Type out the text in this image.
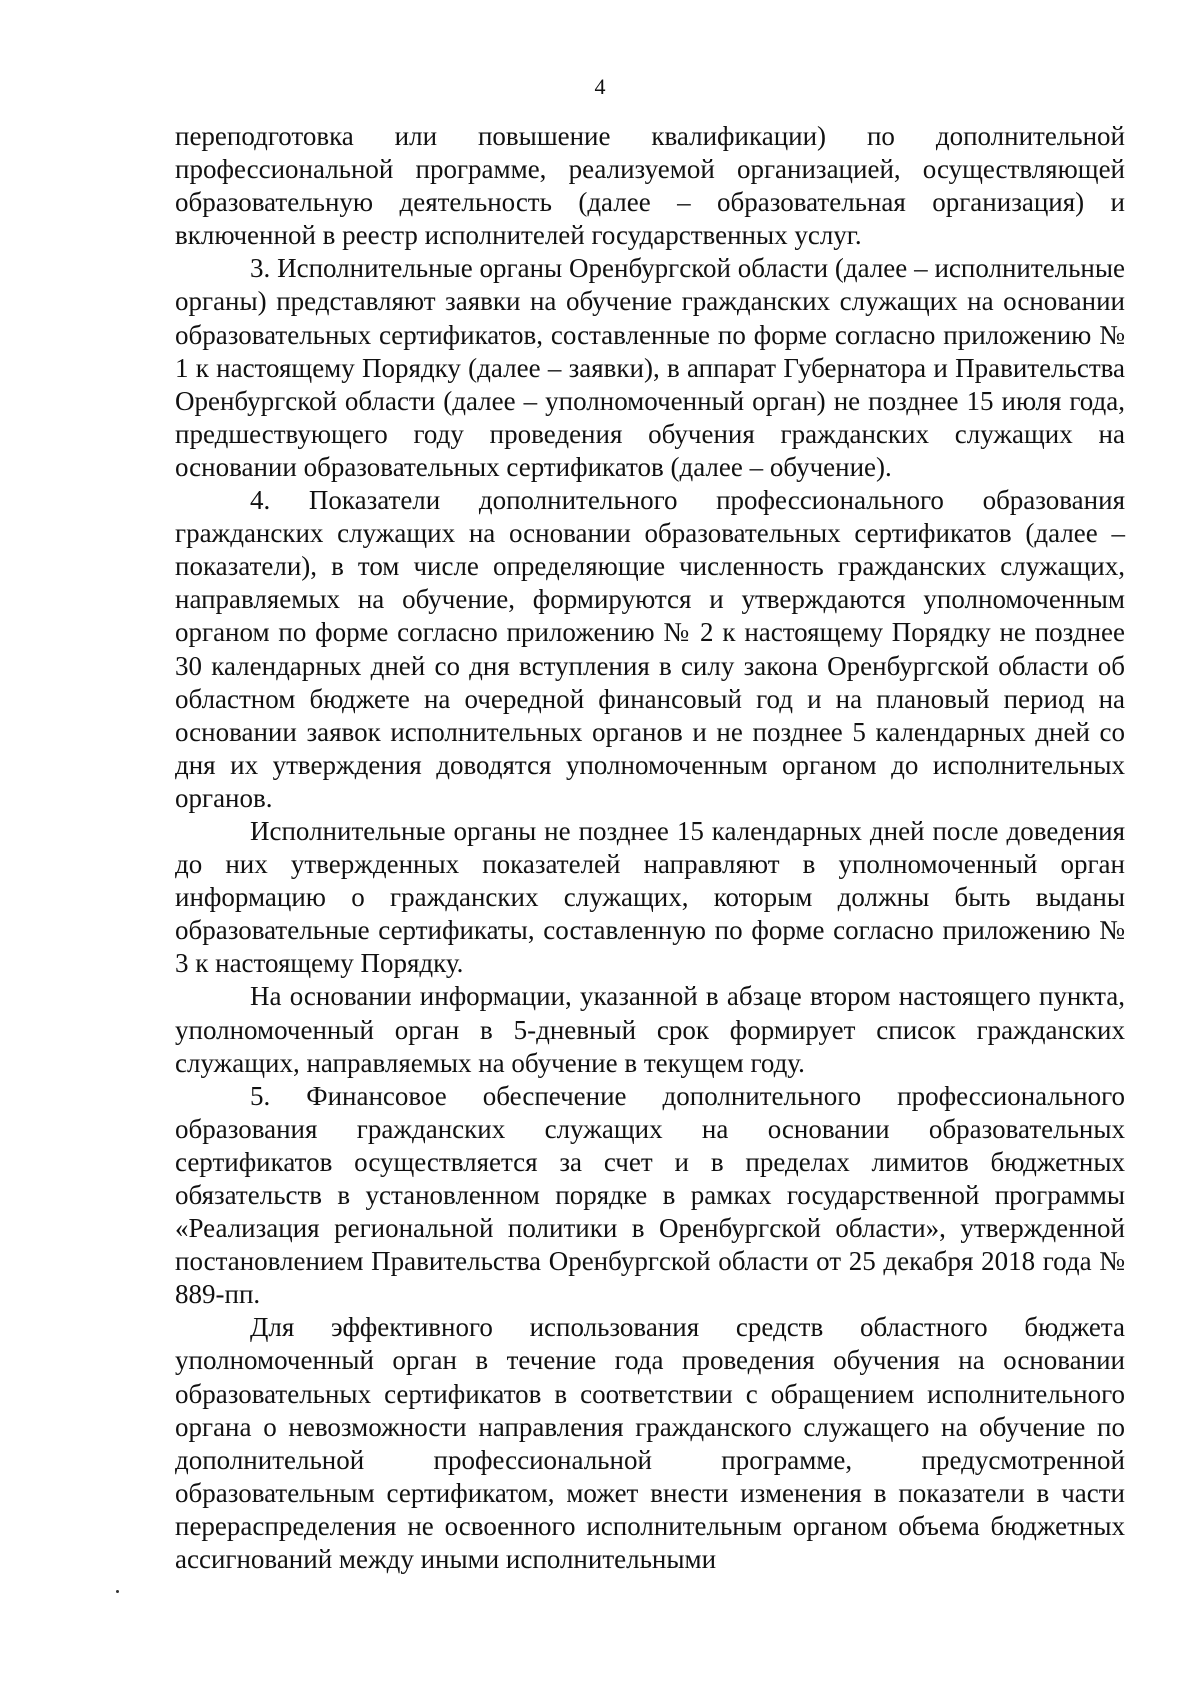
4

переподготовка или повышение квалификации) по дополнительной профессиональной программе, реализуемой организацией, осуществляющей образовательную деятельность (далее – образовательная организация) и включенной в реестр исполнителей государственных услуг.

3. Исполнительные органы Оренбургской области (далее – исполнительные органы) представляют заявки на обучение гражданских служащих на основании образовательных сертификатов, составленные по форме согласно приложению № 1 к настоящему Порядку (далее – заявки), в аппарат Губернатора и Правительства Оренбургской области (далее – уполномоченный орган) не позднее 15 июля года, предшествующего году проведения обучения гражданских служащих на основании образовательных сертификатов (далее – обучение).

4. Показатели дополнительного профессионального образования гражданских служащих на основании образовательных сертификатов (далее – показатели), в том числе определяющие численность гражданских служащих, направляемых на обучение, формируются и утверждаются уполномоченным органом по форме согласно приложению № 2 к настоящему Порядку не позднее 30 календарных дней со дня вступления в силу закона Оренбургской области об областном бюджете на очередной финансовый год и на плановый период на основании заявок исполнительных органов и не позднее 5 календарных дней со дня их утверждения доводятся уполномоченным органом до исполнительных органов.

Исполнительные органы не позднее 15 календарных дней после доведения до них утвержденных показателей направляют в уполномоченный орган информацию о гражданских служащих, которым должны быть выданы образовательные сертификаты, составленную по форме согласно приложению № 3 к настоящему Порядку.

На основании информации, указанной в абзаце втором настоящего пункта, уполномоченный орган в 5-дневный срок формирует список гражданских служащих, направляемых на обучение в текущем году.

5. Финансовое обеспечение дополнительного профессионального образования гражданских служащих на основании образовательных сертификатов осуществляется за счет и в пределах лимитов бюджетных обязательств в установленном порядке в рамках государственной программы «Реализация региональной политики в Оренбургской области», утвержденной постановлением Правительства Оренбургской области от 25 декабря 2018 года № 889-пп.

Для эффективного использования средств областного бюджета уполномоченный орган в течение года проведения обучения на основании образовательных сертификатов в соответствии с обращением исполнительного органа о невозможности направления гражданского служащего на обучение по дополнительной профессиональной программе, предусмотренной образовательным сертификатом, может внести изменения в показатели в части перераспределения не освоенного исполнительным органом объема бюджетных ассигнований между иными исполнительными
